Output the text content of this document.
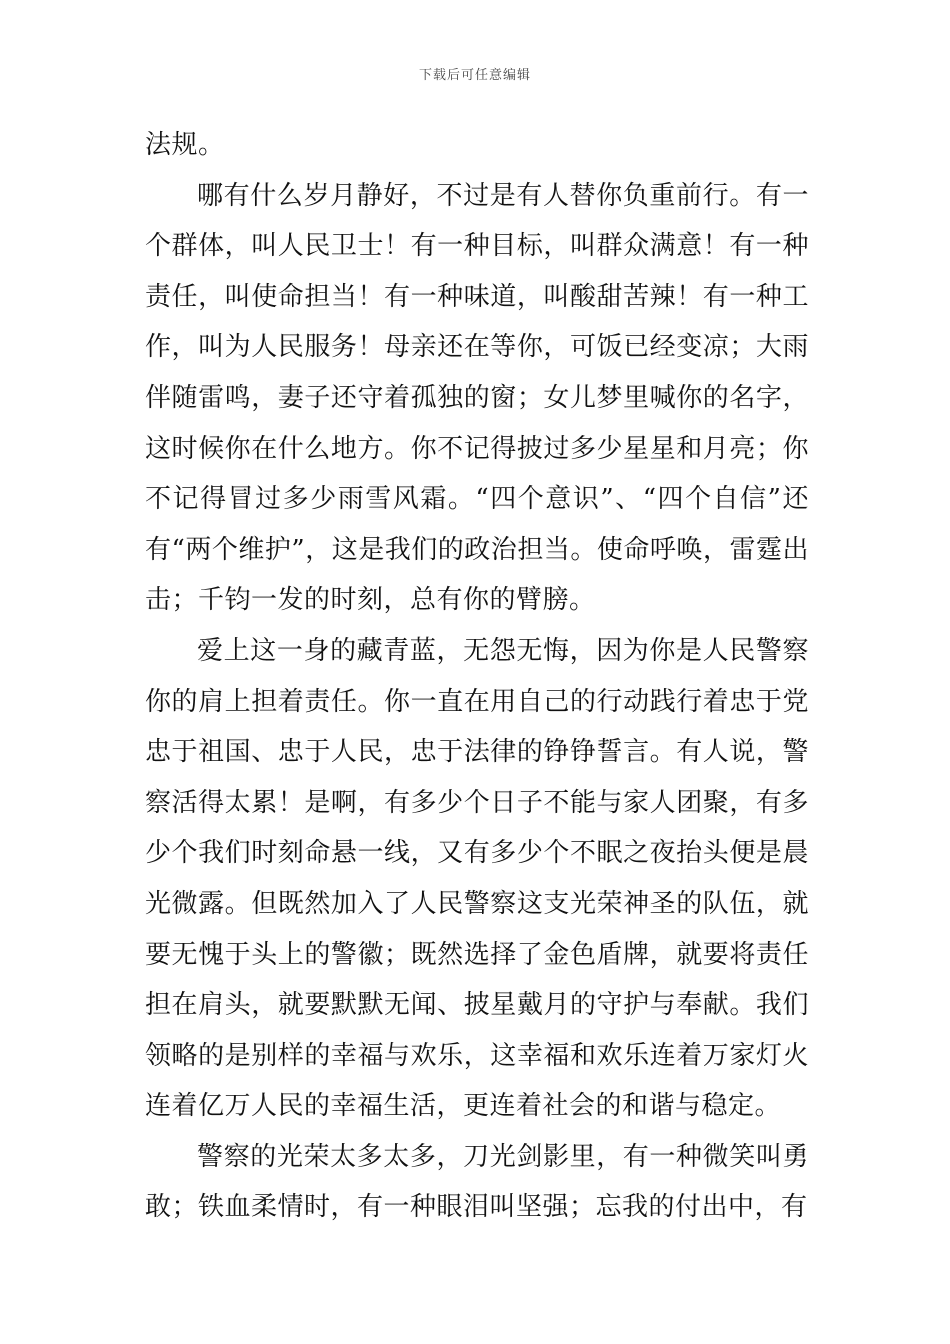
下载后可任意编辑

法规。

哪有什么岁月静好，不过是有人替你负重前行。有一个群体，叫人民卫士！有一种目标，叫群众满意！有一种责任，叫使命担当！有一种味道，叫酸甜苦辣！有一种工作，叫为人民服务！母亲还在等你，可饭已经变凉；大雨伴随雷鸣，妻子还守着孤独的窗；女儿梦里喊你的名字，这时候你在什么地方。你不记得披过多少星星和月亮；你不记得冒过多少雨雪风霜。“四个意识”、“四个自信”还有“两个维护”，这是我们的政治担当。使命呼唤，雷霆出击；千钧一发的时刻，总有你的臂膀。

爱上这一身的藏青蓝，无怨无悔，因为你是人民警察你的肩上担着责任。你一直在用自己的行动践行着忠于党忠于祖国、忠于人民，忠于法律的铮铮誓言。有人说，警察活得太累！是啊，有多少个日子不能与家人团聚，有多少个我们时刻命悬一线，又有多少个不眠之夜抬头便是晨光微露。但既然加入了人民警察这支光荣神圣的队伍，就要无愧于头上的警徽；既然选择了金色盾牌，就要将责任担在肩头，就要默默无闻、披星戴月的守护与奉献。我们领略的是别样的幸福与欢乐，这幸福和欢乐连着万家灯火连着亿万人民的幸福生活，更连着社会的和谐与稳定。

警察的光荣太多太多，刀光剑影里，有一种微笑叫勇敢；铁血柔情时，有一种眼泪叫坚强；忘我的付出中，有
